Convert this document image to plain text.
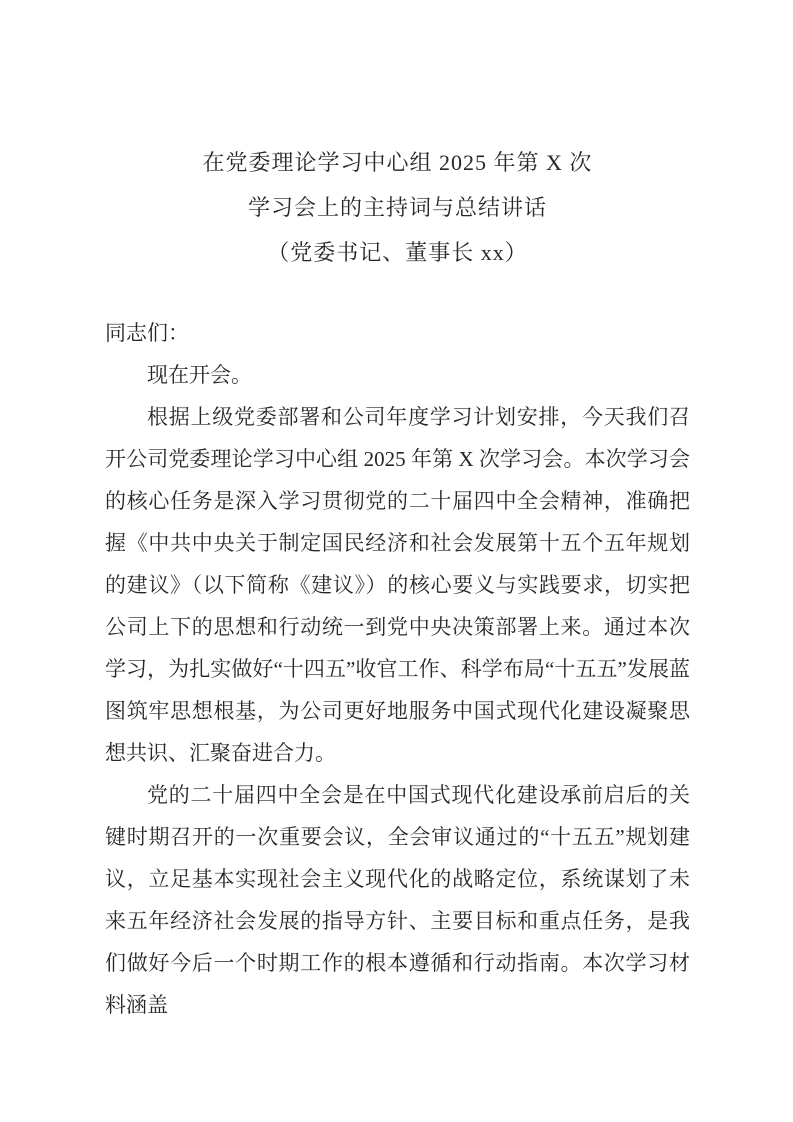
在党委理论学习中心组 2025 年第 X 次
学习会上的主持词与总结讲话
（党委书记、董事长 xx）

同志们：

现在开会。

根据上级党委部署和公司年度学习计划安排，今天我们召开公司党委理论学习中心组 2025 年第 X 次学习会。本次学习会的核心任务是深入学习贯彻党的二十届四中全会精神，准确把握《中共中央关于制定国民经济和社会发展第十五个五年规划的建议》（以下简称《建议》）的核心要义与实践要求，切实把公司上下的思想和行动统一到党中央决策部署上来。通过本次学习，为扎实做好“十四五”收官工作、科学布局“十五五”发展蓝图筑牢思想根基，为公司更好地服务中国式现代化建设凝聚思想共识、汇聚奋进合力。

党的二十届四中全会是在中国式现代化建设承前启后的关键时期召开的一次重要会议，全会审议通过的“十五五”规划建议，立足基本实现社会主义现代化的战略定位，系统谋划了未来五年经济社会发展的指导方针、主要目标和重点任务，是我们做好今后一个时期工作的根本遵循和行动指南。本次学习材料涵盖
